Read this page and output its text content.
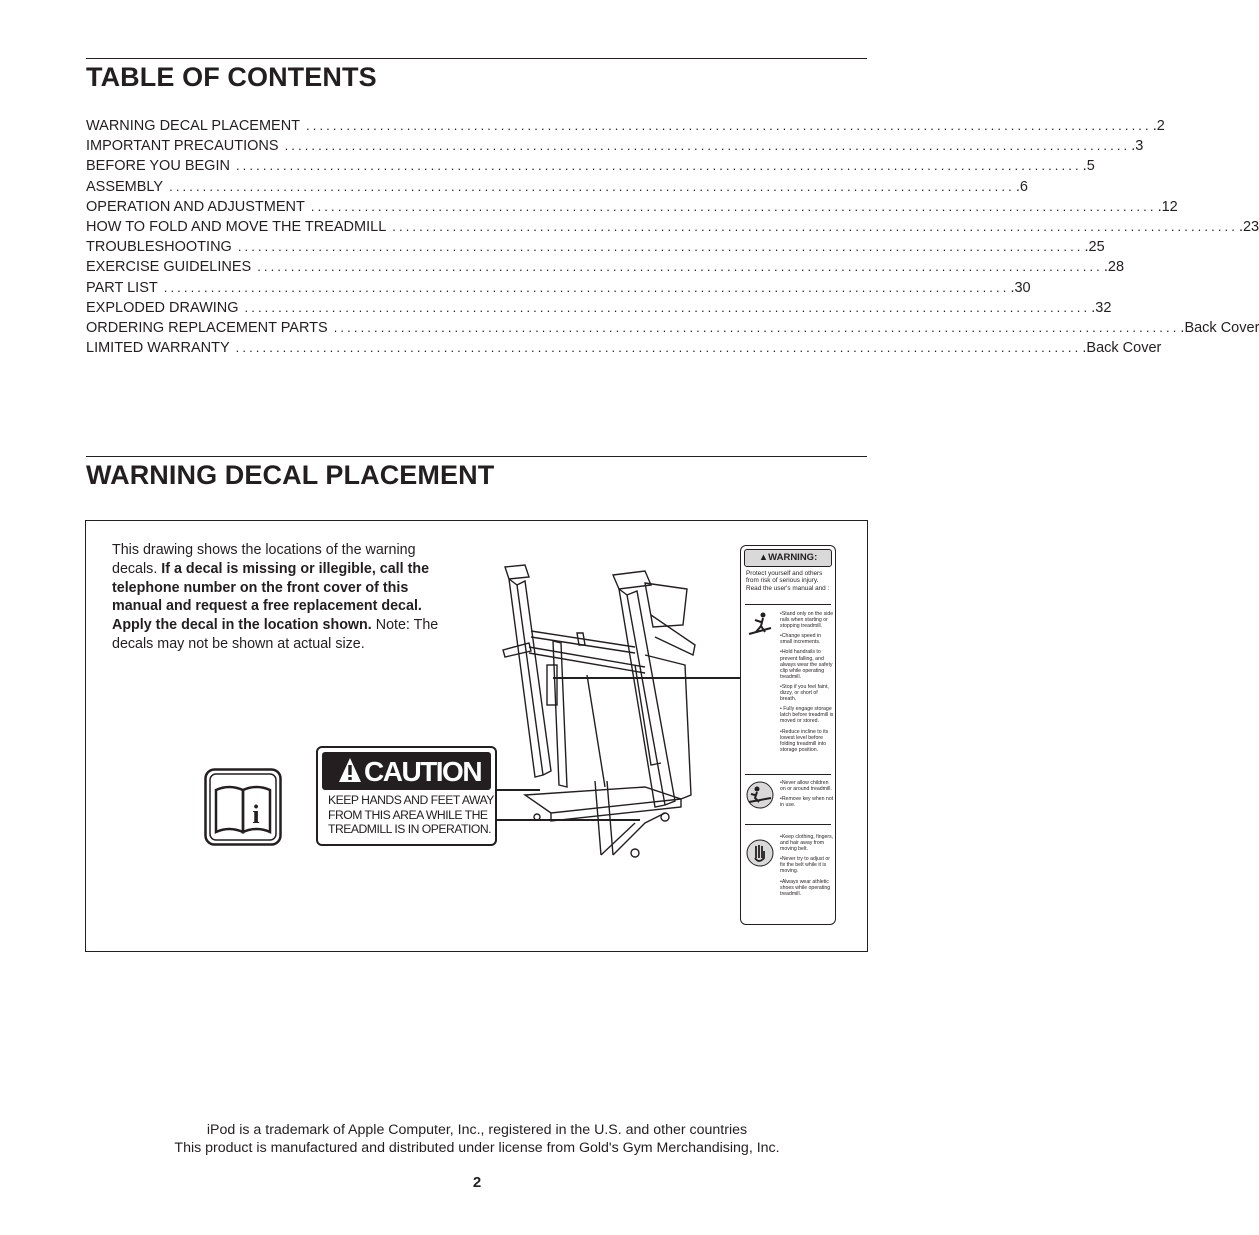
TABLE OF CONTENTS
WARNING DECAL PLACEMENT .............................................................................................................................. .2
IMPORTANT PRECAUTIONS .............................................................................................................................. .3
BEFORE YOU BEGIN .............................................................................................................................. .5
ASSEMBLY .............................................................................................................................. .6
OPERATION AND ADJUSTMENT .............................................................................................................................. .12
HOW TO FOLD AND MOVE THE TREADMILL .............................................................................................................................. .23
TROUBLESHOOTING .............................................................................................................................. .25
EXERCISE GUIDELINES .............................................................................................................................. .28
PART LIST .............................................................................................................................. .30
EXPLODED DRAWING .............................................................................................................................. .32
ORDERING REPLACEMENT PARTS .............................................................................................................................. .Back Cover
LIMITED WARRANTY .............................................................................................................................. .Back Cover
WARNING DECAL PLACEMENT
This drawing shows the locations of the warning decals. If a decal is missing or illegible, call the telephone number on the front cover of this manual and request a free replacement decal. Apply the decal in the location shown. Note: The decals may not be shown at actual size.
i
CAUTION
KEEP HANDS AND FEET AWAY
FROM THIS AREA WHILE THE
TREADMILL IS IN OPERATION.
▲WARNING:
Protect yourself and others from risk of serious injury. Read the user's manual and :
•Stand only on the side rails when starting or stopping treadmill.
•Change speed in small increments.
•Hold handrails to prevent falling, and always wear the safety clip while operating treadmill.
•Stop if you feel faint, dizzy, or short of breath.
• Fully engage storage latch before treadmill is moved or stored.
•Reduce incline to its lowest level before folding treadmill into storage position.
•Never allow children on or around treadmill.
•Remove key when not in use.
•Keep clothing, fingers, and hair away from moving belt.
•Never try to adjust or fix the belt while it is moving.
•Always wear athletic shoes while operating treadmill.
iPod is a trademark of Apple Computer, Inc., registered in the U.S. and other countries
This product is manufactured and distributed under license from Gold's Gym Merchandising, Inc.
2
